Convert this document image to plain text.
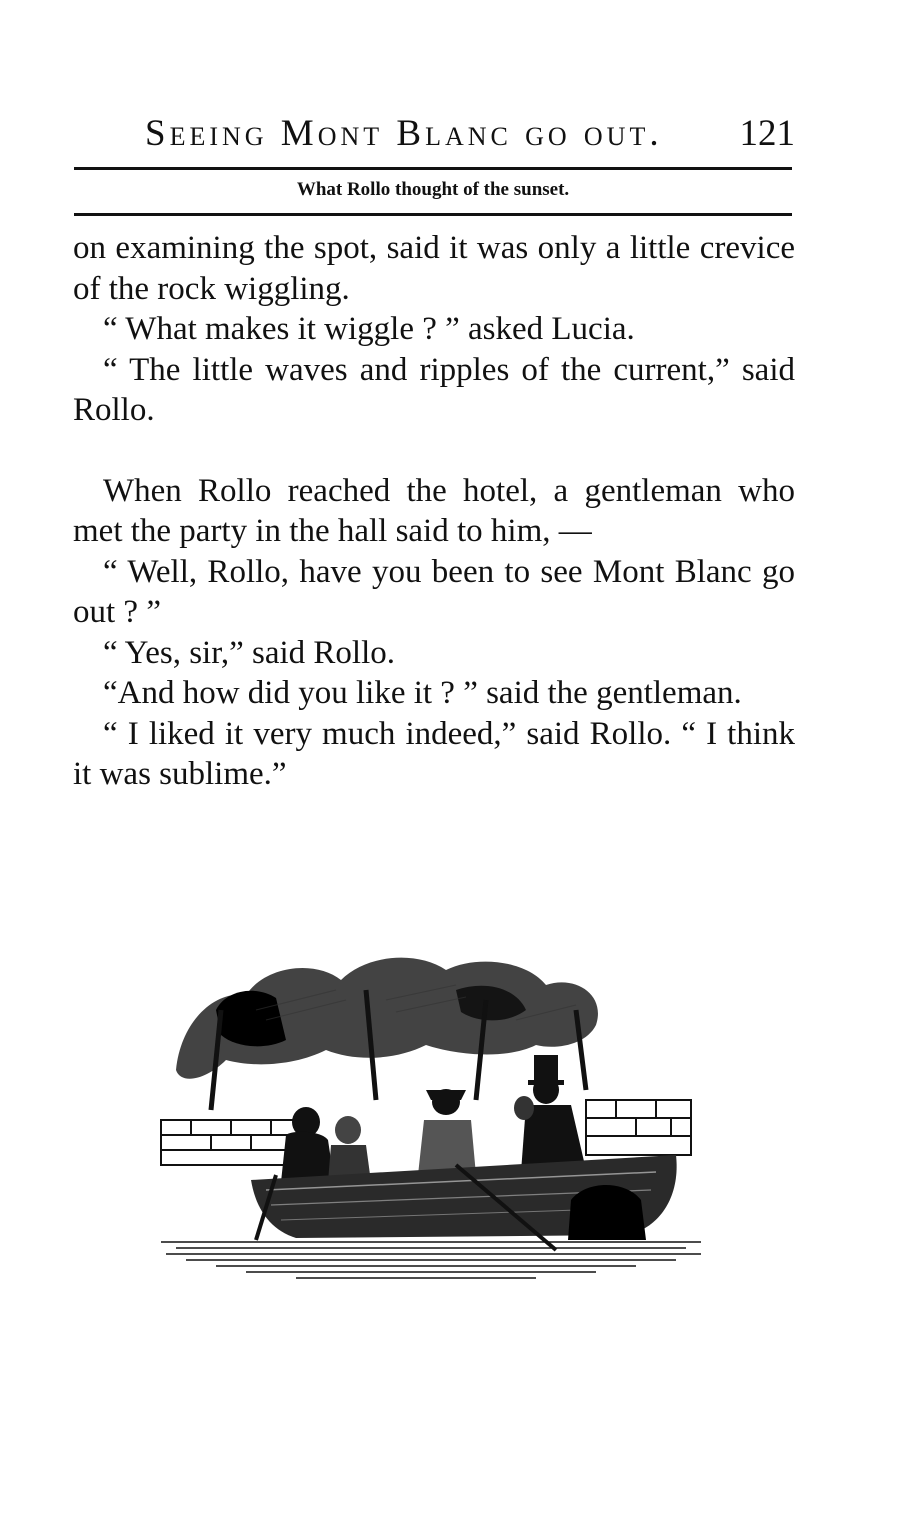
Seeing Mont Blanc go out. 121
What Rollo thought of the sunset.

on examining the spot, said it was only a little crevice of the rock wiggling.

“ What makes it wiggle ? ” asked Lucia.

“ The little waves and ripples of the current,” said Rollo.

When Rollo reached the hotel, a gentleman who met the party in the hall said to him, —

“ Well, Rollo, have you been to see Mont Blanc go out ? ”

“ Yes, sir,” said Rollo.

“And how did you like it ? ” said the gentleman.

“ I liked it very much indeed,” said Rollo. “ I think it was sublime.”
